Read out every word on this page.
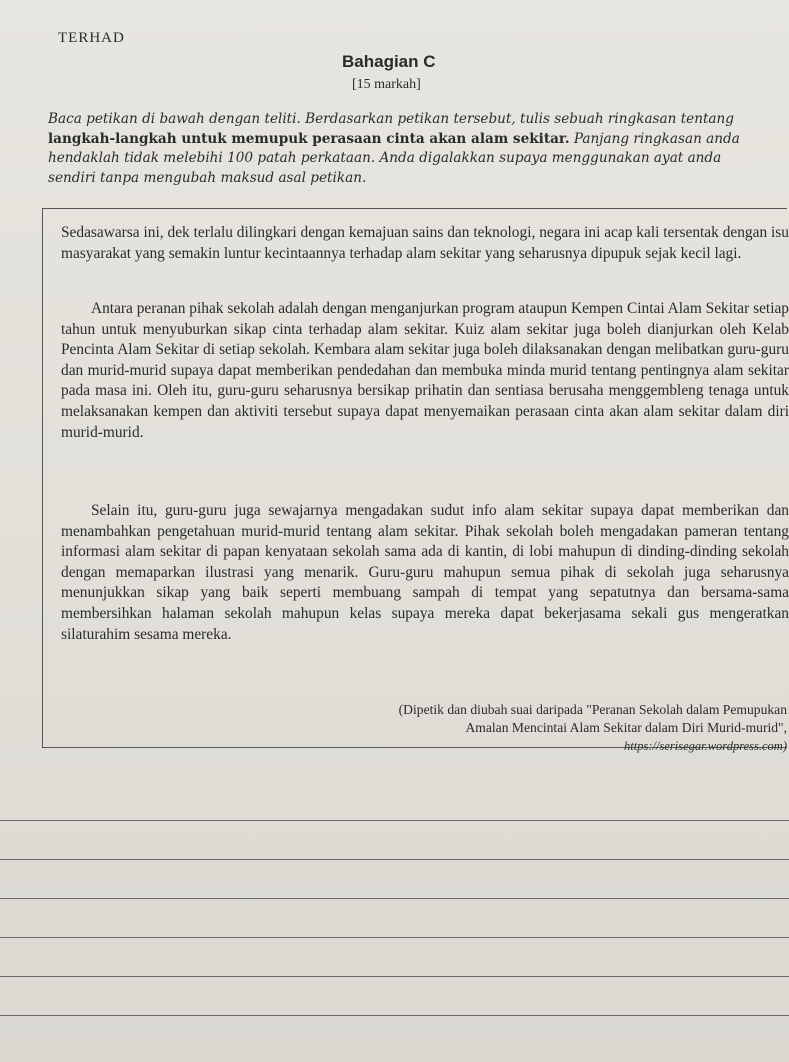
TERHAD
Bahagian C
[15 markah]
Baca petikan di bawah dengan teliti. Berdasarkan petikan tersebut, tulis sebuah ringkasan tentang
langkah-langkah untuk memupuk perasaan cinta akan alam sekitar. Panjang ringkasan anda
hendaklah tidak melebihi 100 patah perkataan. Anda digalakkan supaya menggunakan ayat anda
sendiri tanpa mengubah maksud asal petikan.
Sedasawarsa ini, dek terlalu dilingkari dengan kemajuan sains dan teknologi, negara ini acap kali tersentak dengan isu masyarakat yang semakin luntur kecintaannya terhadap alam sekitar yang seharusnya dipupuk sejak kecil lagi.
Antara peranan pihak sekolah adalah dengan menganjurkan program ataupun Kempen Cintai Alam Sekitar setiap tahun untuk menyuburkan sikap cinta terhadap alam sekitar. Kuiz alam sekitar juga boleh dianjurkan oleh Kelab Pencinta Alam Sekitar di setiap sekolah. Kembara alam sekitar juga boleh dilaksanakan dengan melibatkan guru-guru dan murid-murid supaya dapat memberikan pendedahan dan membuka minda murid tentang pentingnya alam sekitar pada masa ini. Oleh itu, guru-guru seharusnya bersikap prihatin dan sentiasa berusaha menggembleng tenaga untuk melaksanakan kempen dan aktiviti tersebut supaya dapat menyemaikan perasaan cinta akan alam sekitar dalam diri murid-murid.
Selain itu, guru-guru juga sewajarnya mengadakan sudut info alam sekitar supaya dapat memberikan dan menambahkan pengetahuan murid-murid tentang alam sekitar. Pihak sekolah boleh mengadakan pameran tentang informasi alam sekitar di papan kenyataan sekolah sama ada di kantin, di lobi mahupun di dinding-dinding sekolah dengan memaparkan ilustrasi yang menarik. Guru-guru mahupun semua pihak di sekolah juga seharusnya menunjukkan sikap yang baik seperti membuang sampah di tempat yang sepatutnya dan bersama-sama membersihkan halaman sekolah mahupun kelas supaya mereka dapat bekerjasama sekali gus mengeratkan silaturahim sesama mereka.
(Dipetik dan diubah suai daripada "Peranan Sekolah dalam Pemupukan
Amalan Mencintai Alam Sekitar dalam Diri Murid-murid",
https://serisegar.wordpress.com)
